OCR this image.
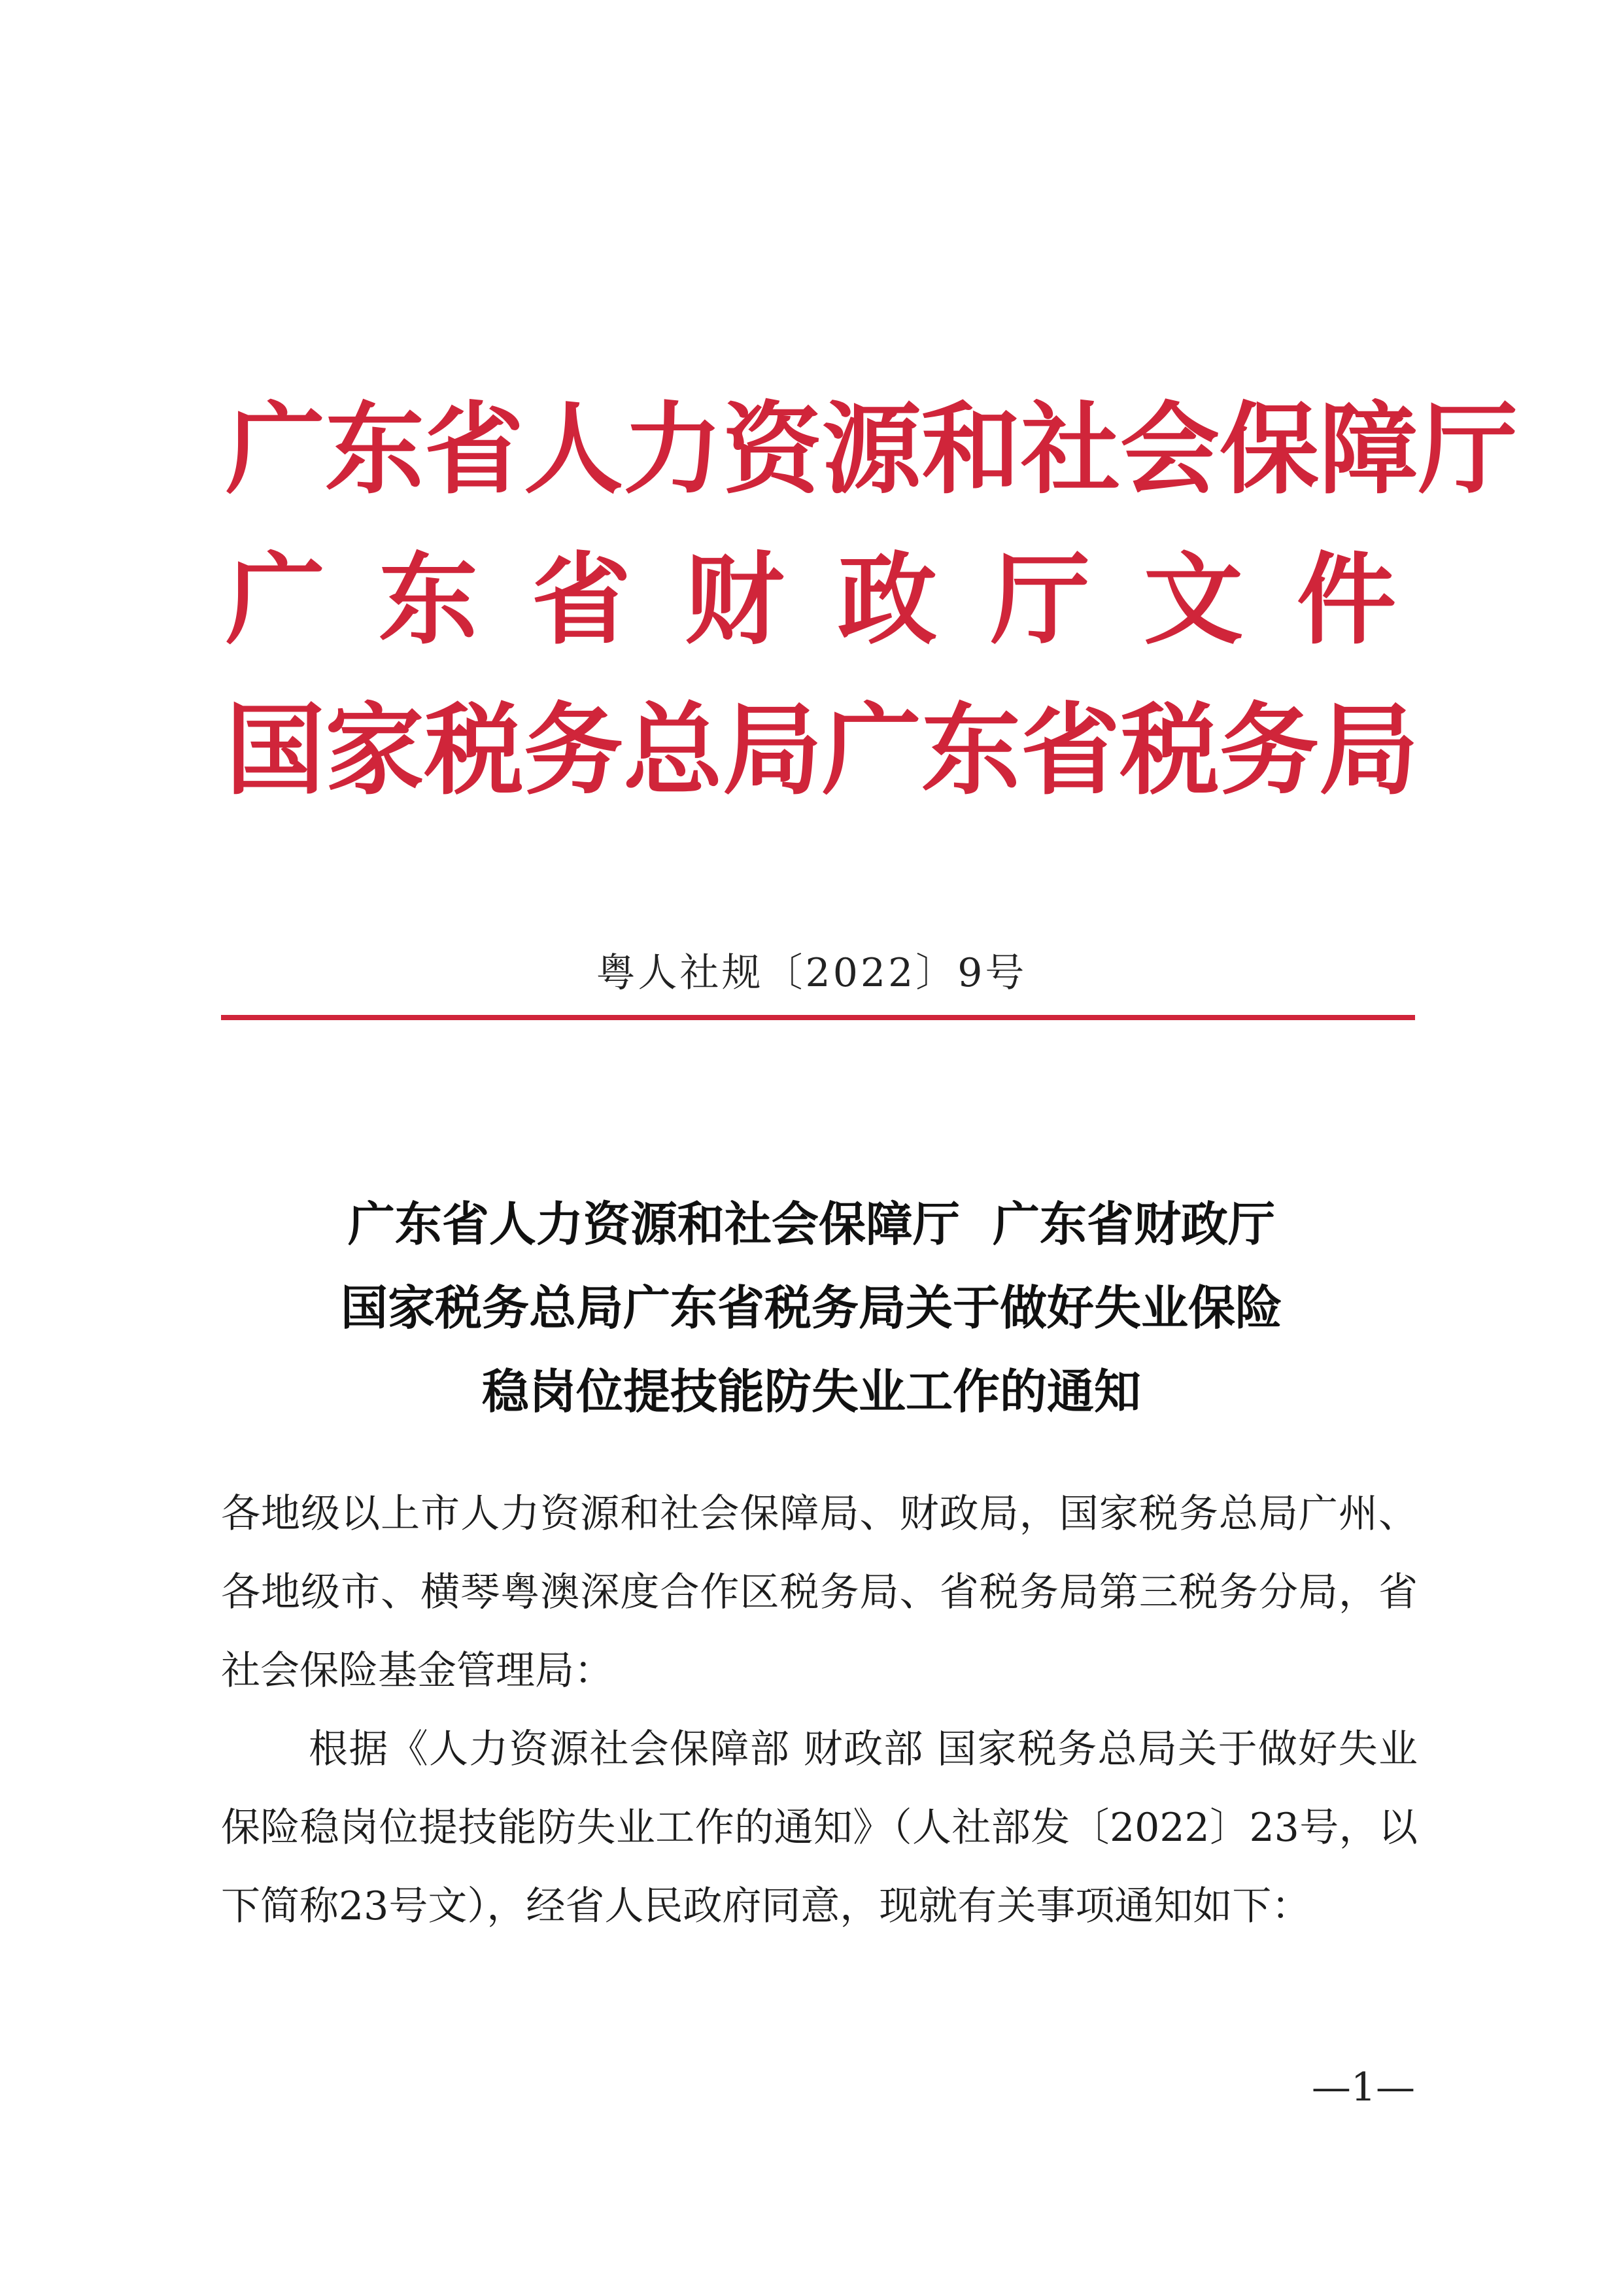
广东省人力资源和社会保障厅
广 东 省 财 政 厅 文 件
国家税务总局广东省税务局
粤人社规〔2022〕9号
广东省人力资源和社会保障厅  广东省财政厅
国家税务总局广东省税务局关于做好失业保险
稳岗位提技能防失业工作的通知
各地级以上市人力资源和社会保障局、财政局，国家税务总局广州、各地级市、横琴粤澳深度合作区税务局、省税务局第三税务分局，省社会保险基金管理局：
根据《人力资源社会保障部 财政部 国家税务总局关于做好失业保险稳岗位提技能防失业工作的通知》（人社部发〔2022〕23号，以下简称23号文），经省人民政府同意，现就有关事项通知如下：
—1—
